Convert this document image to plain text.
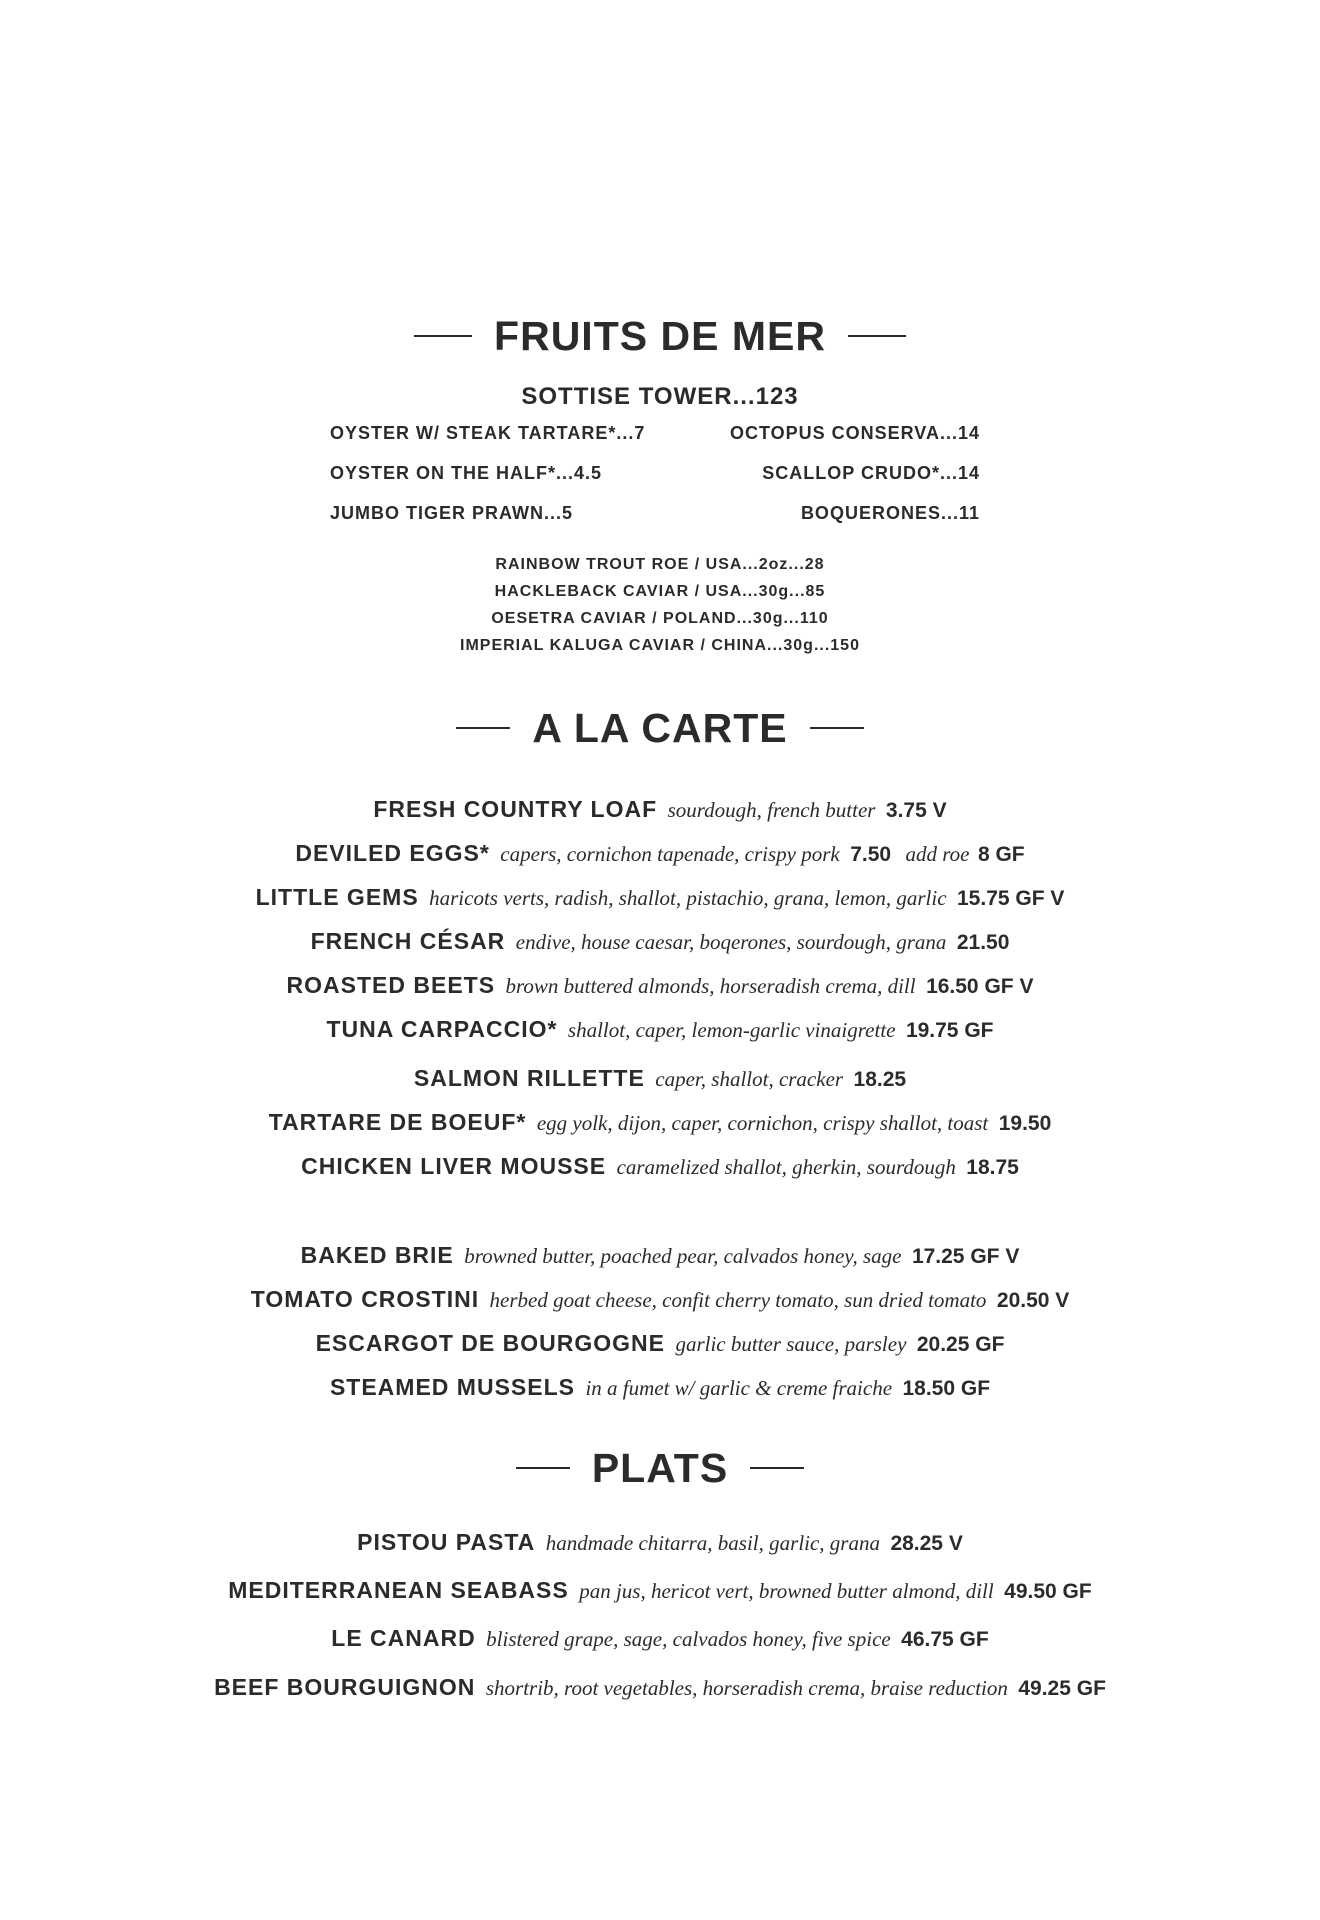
FRUITS DE MER
SOTTISE TOWER...123
OYSTER W/ STEAK TARTARE*...7
OYSTER ON THE HALF*...4.5
JUMBO TIGER PRAWN...5
OCTOPUS CONSERVA...14
SCALLOP CRUDO*...14
BOQUERONES...11
RAINBOW TROUT ROE / USA...2oz...28
HACKLEBACK CAVIAR / USA...30g...85
OESETRA CAVIAR / POLAND...30g...110
IMPERIAL KALUGA CAVIAR / CHINA...30g...150
A LA CARTE
FRESH COUNTRY LOAF sourdough, french butter 3.75 V
DEVILED EGGS* capers, cornichon tapenade, crispy pork 7.50 add roe 8 GF
LITTLE GEMS haricots verts, radish, shallot, pistachio, grana, lemon, garlic 15.75 GF V
FRENCH CÉSAR endive, house caesar, boqerones, sourdough, grana 21.50
ROASTED BEETS brown buttered almonds, horseradish crema, dill 16.50 GF V
TUNA CARPACCIO* shallot, caper, lemon-garlic vinaigrette 19.75 GF
SALMON RILLETTE caper, shallot, cracker 18.25
TARTARE DE BOEUF* egg yolk, dijon, caper, cornichon, crispy shallot, toast 19.50
CHICKEN LIVER MOUSSE caramelized shallot, gherkin, sourdough 18.75
BAKED BRIE browned butter, poached pear, calvados honey, sage 17.25 GF V
TOMATO CROSTINI herbed goat cheese, confit cherry tomato, sun dried tomato 20.50 V
ESCARGOT DE BOURGOGNE garlic butter sauce, parsley 20.25 GF
STEAMED MUSSELS in a fumet w/ garlic & creme fraiche 18.50 GF
PLATS
PISTOU PASTA handmade chitarra, basil, garlic, grana 28.25 V
MEDITERRANEAN SEABASS pan jus, hericot vert, browned butter almond, dill 49.50 GF
LE CANARD blistered grape, sage, calvados honey, five spice 46.75 GF
BEEF BOURGUIGNON shortrib, root vegetables, horseradish crema, braise reduction 49.25 GF
